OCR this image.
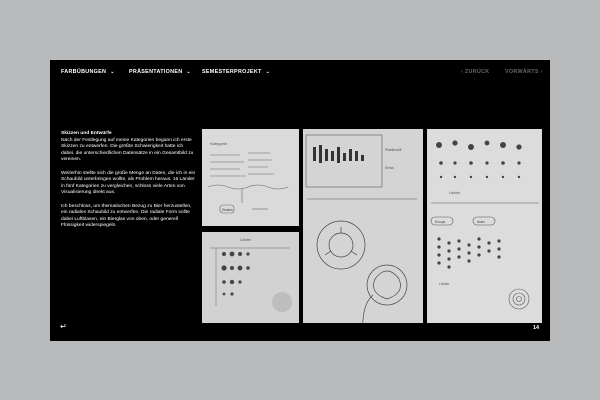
FARBÜBUNGEN ⌄	PRÄSENTATIONEN ⌄ SEMESTERPROJEKT ⌄	‹ ZURÜCK	VORWÄRTS ›
Skizzen und Entwürfe

Nach der Festlegung auf meine Kategorien begann ich erste Skizzen zu entwerfen. Die größte Schwierigkeit hatte ich dabei, die unterschiedlichen Datensätze in ein Gesamtbild zu vereinen.

Weiterhin stellte sich die große Menge an Daten, die ich in ein Schaubild unterbringen wollte, als Problem heraus. 16 Länder in fünf Kategorien zu vergleichen, schloss viele Arten von Visualisierung direkt aus.

Ich beschloss, um thematischen Bezug zu Bier herzustellen, ein radiales Schaubild zu entwerfen. Die radiale Form sollte dabei Luftblasen, ein Bierglas von oben, oder generell Flüssigkeit widerspiegeln.

Kategorie
Staaten
Länder
Plastikmüll
Klima
Länder
Europa	Asien
Länder
↵	14
